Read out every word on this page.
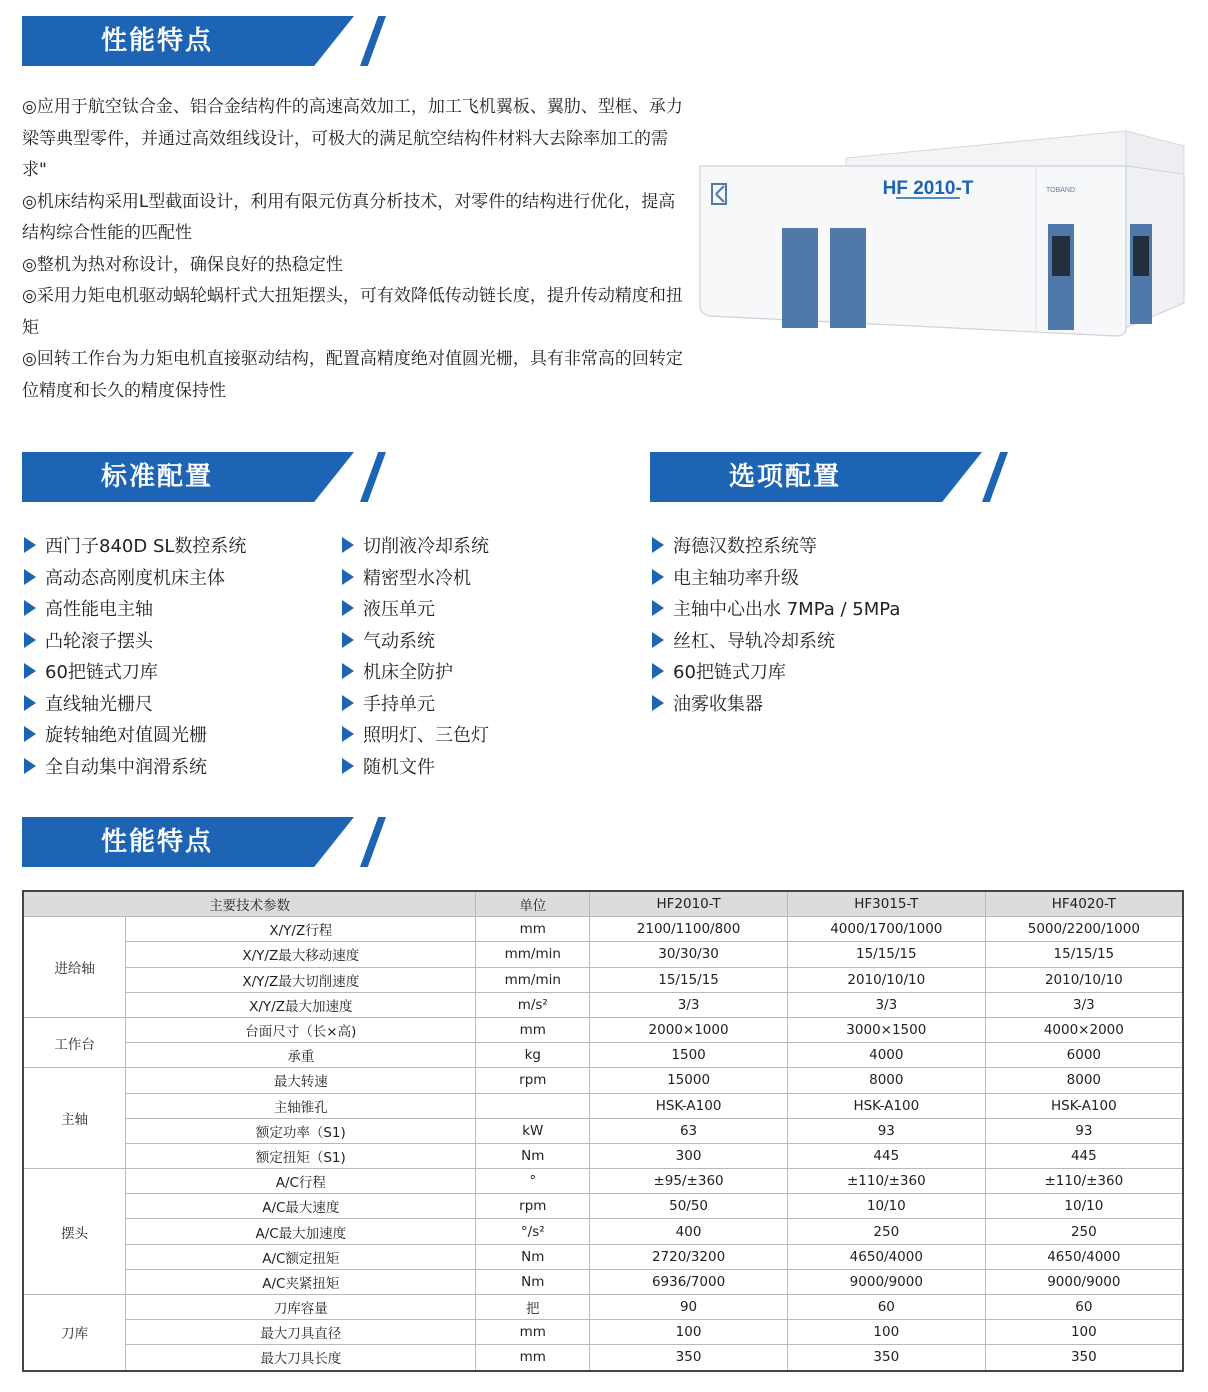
性能特点

◎应用于航空钛合金、铝合金结构件的高速高效加工，加工飞机翼板、翼肋、型框、承力梁等典型零件，并通过高效组线设计，可极大的满足航空结构件材料大去除率加工的需求"

◎机床结构采用L型截面设计，利用有限元仿真分析技术，对零件的结构进行优化，提高结构综合性能的匹配性

◎整机为热对称设计，确保良好的热稳定性

◎采用力矩电机驱动蜗轮蜗杆式大扭矩摆头，可有效降低传动链长度，提升传动精度和扭矩

◎回转工作台为力矩电机直接驱动结构，配置高精度绝对值圆光栅，具有非常高的回转定位精度和长久的精度保持性

HF 2010-T	TOBAND
标准配置	选项配置
西门子840D SL数控系统
高动态高刚度机床主体
高性能电主轴
凸轮滚子摆头
60把链式刀库
直线轴光栅尺
旋转轴绝对值圆光栅
全自动集中润滑系统
切削液冷却系统
精密型水冷机
液压单元
气动系统
机床全防护
手持单元
照明灯、三色灯
随机文件
海德汉数控系统等
电主轴功率升级
主轴中心出水 7MPa / 5MPa
丝杠、导轨冷却系统
60把链式刀库
油雾收集器
性能特点
主要技术参数		单位	HF2010-T	HF3015-T	HF4020-T
进给轴	X/Y/Z行程	mm	2100/1100/800	4000/1700/1000	5000/2200/1000
	X/Y/Z最大移动速度	mm/min	30/30/30	15/15/15	15/15/15
	X/Y/Z最大切削速度	mm/min	15/15/15	2010/10/10	2010/10/10
	X/Y/Z最大加速度	m/s²	3/3	3/3	3/3
工作台	台面尺寸（长×高)	mm	2000×1000	3000×1500	4000×2000
	承重	kg	1500	4000	6000
主轴	最大转速	rpm	15000	8000	8000
	主轴锥孔		HSK-A100	HSK-A100	HSK-A100
	额定功率（S1)	kW	63	93	93
	额定扭矩（S1)	Nm	300	445	445
摆头	A/C行程	°	±95/±360	±110/±360	±110/±360
	A/C最大速度	rpm	50/50	10/10	10/10
	A/C最大加速度	°/s²	400	250	250
	A/C额定扭矩	Nm	2720/3200	4650/4000	4650/4000
	A/C夹紧扭矩	Nm	6936/7000	9000/9000	9000/9000
刀库	刀库容量	把	90	60	60
	最大刀具直径	mm	100	100	100
	最大刀具长度	mm	350	350	350
